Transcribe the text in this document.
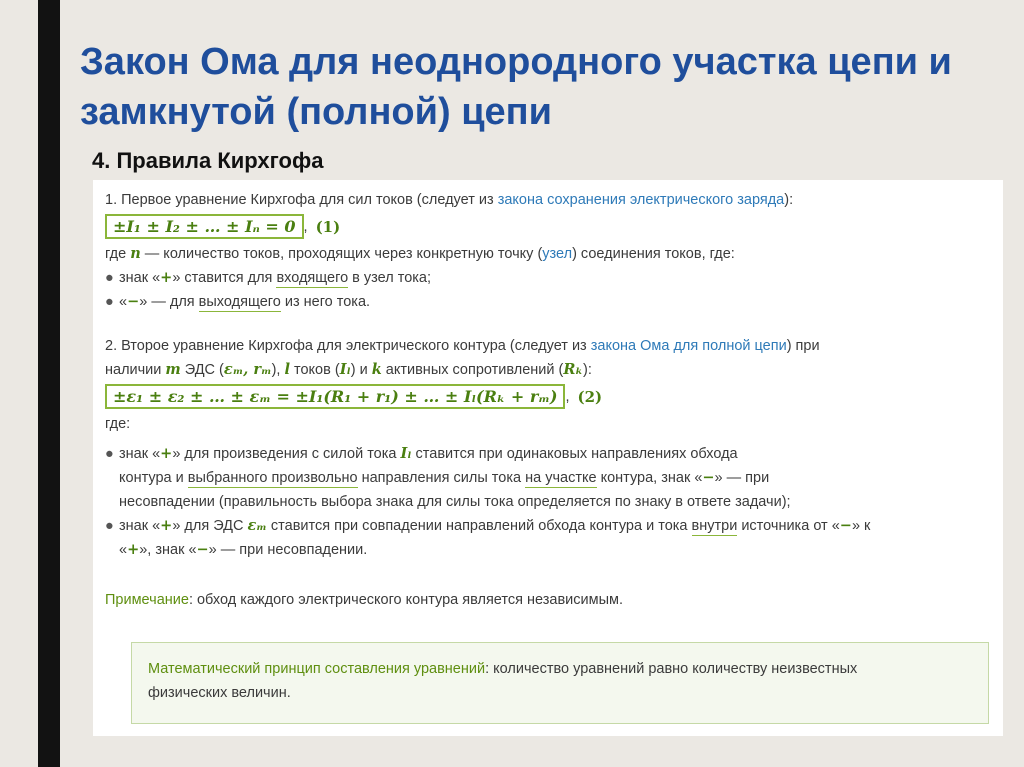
Закон Ома для неоднородного участка цепи и замкнутой (полной) цепи
4. Правила Кирхгофа
1. Первое уравнение Кирхгофа для сил токов (следует из закона сохранения электрического заряда):
±I₁ ± I₂ ± … ± Iₙ = 0 , (1)
где n — количество токов, проходящих через конкретную точку (узел) соединения токов, где:
● знак «+» ставится для входящего в узел тока;
● «−» — для выходящего из него тока.
2. Второе уравнение Кирхгофа для электрического контура (следует из закона Ома для полной цепи) при
наличии m ЭДС (εₘ, rₘ), l токов (Iₗ) и k активных сопротивлений (Rₖ):
±ε₁ ± ε₂ ± … ± εₘ = ±I₁(R₁ + r₁) ± … ± Iₗ(Rₖ + rₘ) , (2)
где:
● знак «+» для произведения с силой тока Iₗ ставится при одинаковых направлениях обхода
контура и выбранного произвольно направления силы тока на участке контура, знак «−» — при
несовпадении (правильность выбора знака для силы тока определяется по знаку в ответе задачи);
● знак «+» для ЭДС εₘ ставится при совпадении направлений обхода контура и тока внутри источника от «−» к
«+», знак «−» — при несовпадении.
Примечание: обход каждого электрического контура является независимым.
Математический принцип составления уравнений: количество уравнений равно количеству неизвестных
физических величин.
